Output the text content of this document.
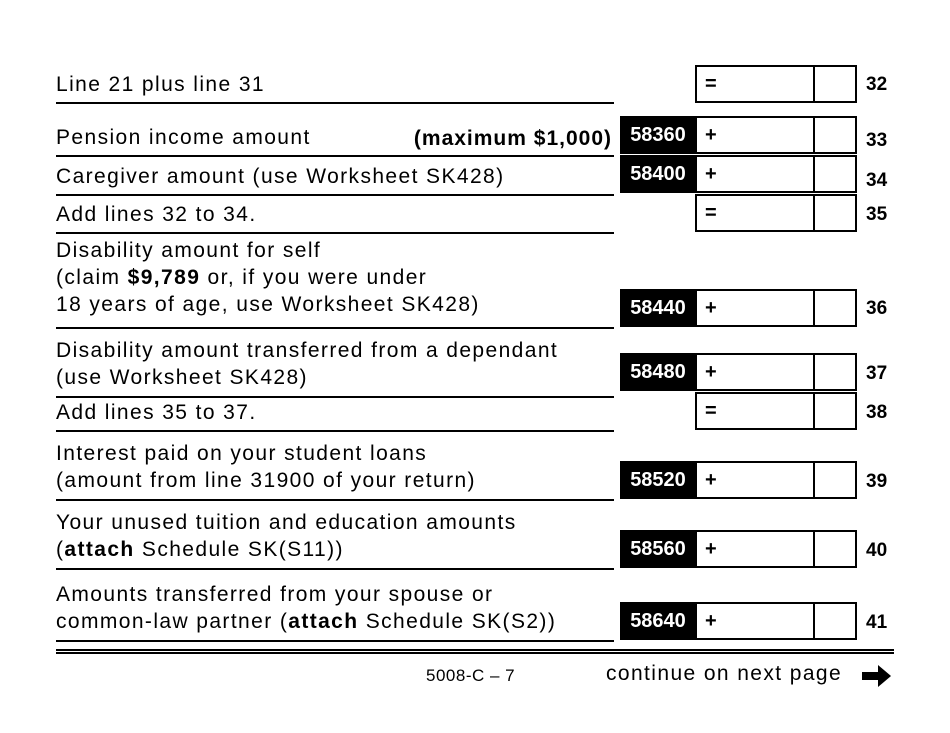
Line 21 plus line 31	=	32
Pension income amount	(maximum $1,000) 58360 +	33
Caregiver amount (use Worksheet SK428)	58400 +	34
Add lines 32 to 34.	=	35
Disability amount for self
(claim $9,789 or, if you were under
18 years of age, use Worksheet SK428)	58440 +	36
Disability amount transferred from a dependant
(use Worksheet SK428)	58480 +	37
Add lines 35 to 37.	=	38
Interest paid on your student loans
(amount from line 31900 of your return)	58520 +	39
Your unused tuition and education amounts
(attach Schedule SK(S11))	58560 +	40
Amounts transferred from your spouse or
common-law partner (attach Schedule SK(S2))	58640 +	41
5008-C – 7	continue on next page
